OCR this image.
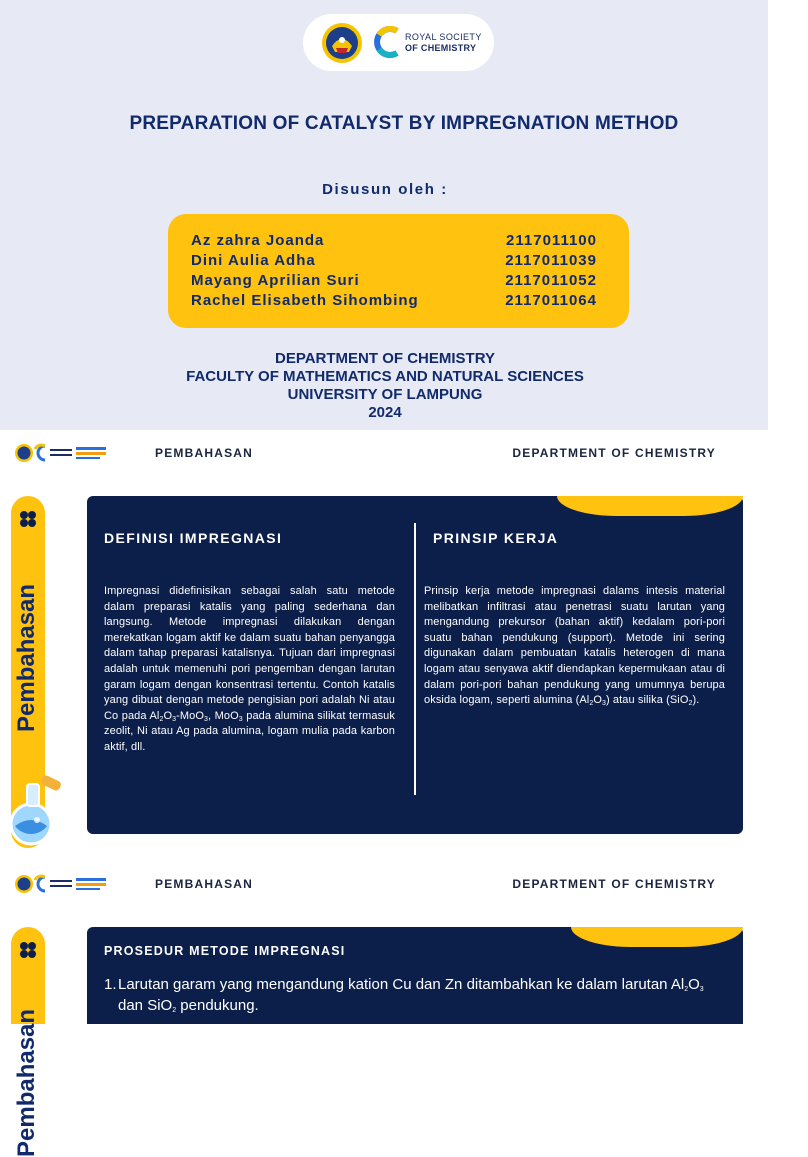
ROYAL SOCIETY
OF CHEMISTRY
PREPARATION OF CATALYST BY IMPREGNATION METHOD
Disusun oleh :
Az zahra Joanda	2117011100
Dini Aulia Adha	2117011039
Mayang Aprilian Suri	2117011052
Rachel Elisabeth Sihombing	2117011064
DEPARTMENT OF CHEMISTRY
FACULTY OF MATHEMATICS AND NATURAL SCIENCES
UNIVERSITY OF LAMPUNG
2024
PEMBAHASAN	DEPARTMENT OF CHEMISTRY
Pembahasan
DEFINISI IMPREGNASI
Impregnasi didefinisikan sebagai salah satu metode dalam preparasi katalis yang paling sederhana dan langsung. Metode impregnasi dilakukan dengan merekatkan logam aktif ke dalam suatu bahan penyangga dalam tahap preparasi katalisnya. Tujuan dari impregnasi adalah untuk memenuhi pori pengemban dengan larutan garam logam dengan konsentrasi tertentu. Contoh katalis yang dibuat dengan metode pengisian pori adalah Ni atau Co pada $Al_2O_3-MoO_3$, MoO$_3$ pada alumina silikat termasuk zeolit, Ni atau Ag pada alumina, logam mulia pada karbon aktif, dll.
PRINSIP KERJA
Prinsip kerja metode impregnasi dalams intesis material melibatkan infiltrasi atau penetrasi suatu larutan yang mengandung prekursor (bahan aktif) kedalam pori-pori suatu bahan pendukung (support). Metode ini sering digunakan dalam pembuatan katalis heterogen di mana logam atau senyawa aktif diendapkan kepermukaan atau di dalam pori-pori bahan pendukung yang umumnya berupa oksida logam, seperti alumina $(Al_2O_3)$ atau silika (SiO$_2$).
PEMBAHASAN	DEPARTMENT OF CHEMISTRY
Pembahasan
PROSEDUR METODE IMPREGNASI
1. Larutan garam yang mengandung kation Cu dan Zn ditambahkan ke dalam larutan $Al_2O_3$ dan SiO$_2$ pendukung.
